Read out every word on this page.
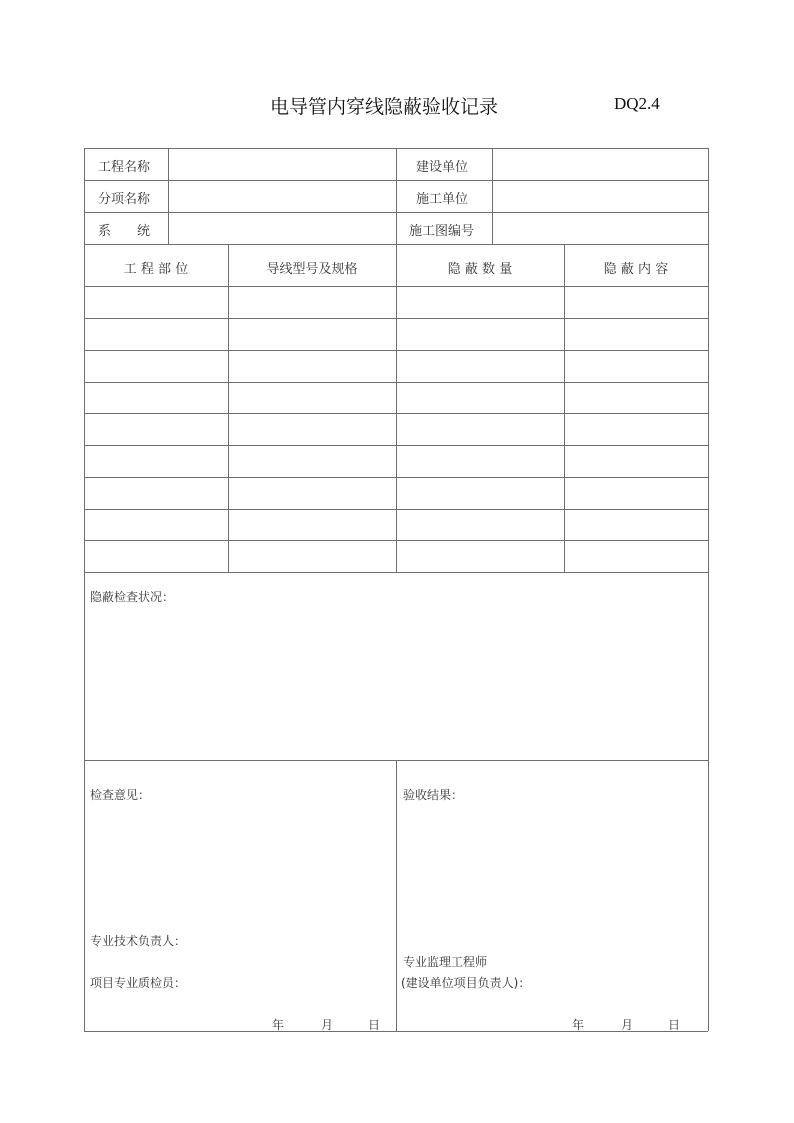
电导管内穿线隐蔽验收记录	DQ2.4
工程名称	建设单位
分项名称	施工单位
系　　统	施工图编号
工 程 部 位	导线型号及规格	隐 蔽 数 量	隐 蔽 内 容
隐蔽检查状况：
检查意见：
专业技术负责人：
项目专业质检员：
年	月	日
验收结果：
专业监理工程师
(建设单位项目负责人)：
年	月	日
